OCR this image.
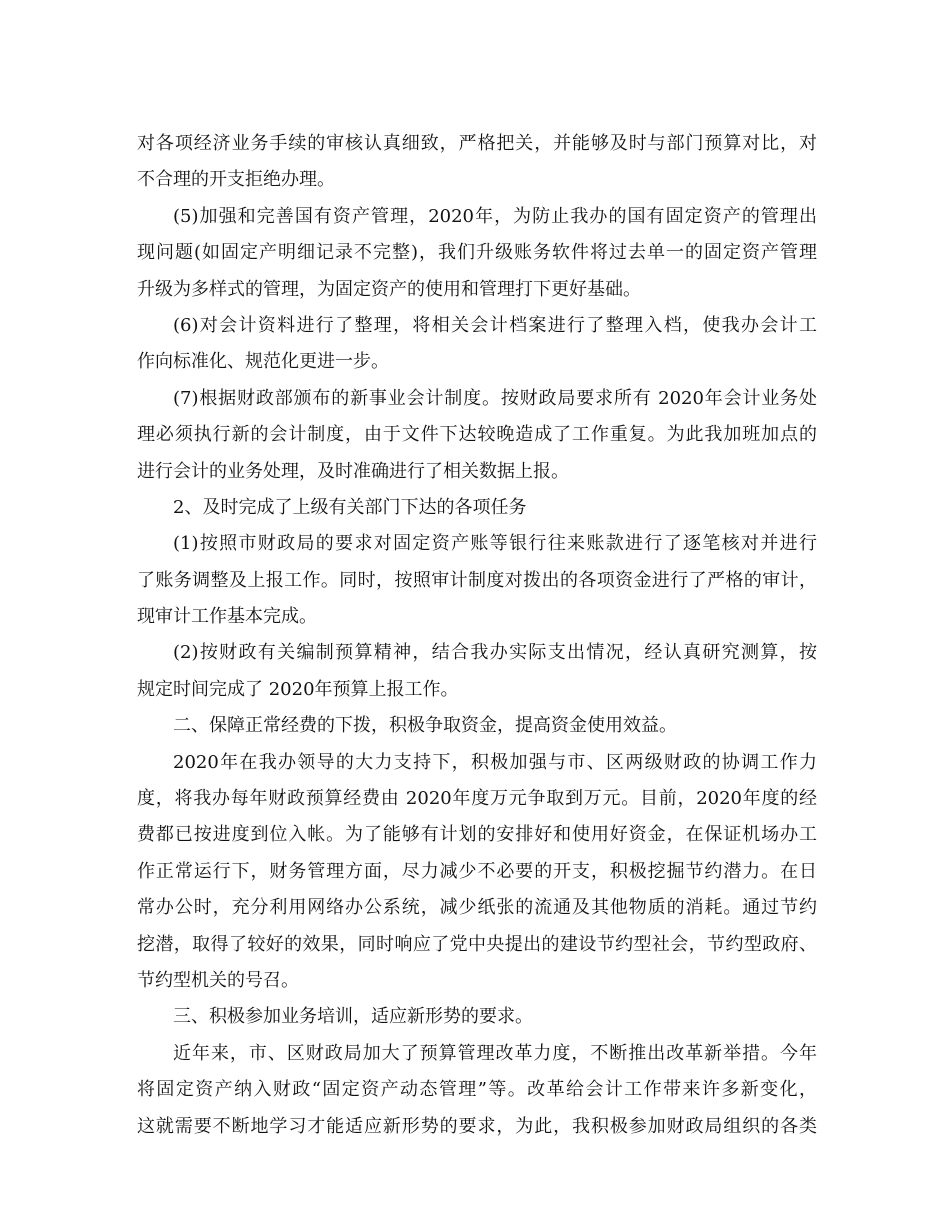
对各项经济业务手续的审核认真细致，严格把关，并能够及时与部门预算对比，对
不合理的开支拒绝办理。
(5)加强和完善国有资产管理，2020年，为防止我办的国有固定资产的管理出
现问题(如固定产明细记录不完整)，我们升级账务软件将过去单一的固定资产管理
升级为多样式的管理，为固定资产的使用和管理打下更好基础。
(6)对会计资料进行了整理，将相关会计档案进行了整理入档，使我办会计工
作向标准化、规范化更进一步。
(7)根据财政部颁布的新事业会计制度。按财政局要求所有 2020年会计业务处
理必须执行新的会计制度，由于文件下达较晚造成了工作重复。为此我加班加点的
进行会计的业务处理，及时准确进行了相关数据上报。
2、及时完成了上级有关部门下达的各项任务
(1)按照市财政局的要求对固定资产账等银行往来账款进行了逐笔核对并进行
了账务调整及上报工作。同时，按照审计制度对拨出的各项资金进行了严格的审计，
现审计工作基本完成。
(2)按财政有关编制预算精神，结合我办实际支出情况，经认真研究测算，按
规定时间完成了 2020年预算上报工作。
二、保障正常经费的下拨，积极争取资金，提高资金使用效益。
2020年在我办领导的大力支持下，积极加强与市、区两级财政的协调工作力
度，将我办每年财政预算经费由 2020年度万元争取到万元。目前，2020年度的经
费都已按进度到位入帐。为了能够有计划的安排好和使用好资金，在保证机场办工
作正常运行下，财务管理方面，尽力减少不必要的开支，积极挖掘节约潜力。在日
常办公时，充分利用网络办公系统，减少纸张的流通及其他物质的消耗。通过节约
挖潜，取得了较好的效果，同时响应了党中央提出的建设节约型社会，节约型政府、
节约型机关的号召。
三、积极参加业务培训，适应新形势的要求。
近年来，市、区财政局加大了预算管理改革力度，不断推出改革新举措。今年
将固定资产纳入财政“固定资产动态管理”等。改革给会计工作带来许多新变化，
这就需要不断地学习才能适应新形势的要求，为此，我积极参加财政局组织的各类
